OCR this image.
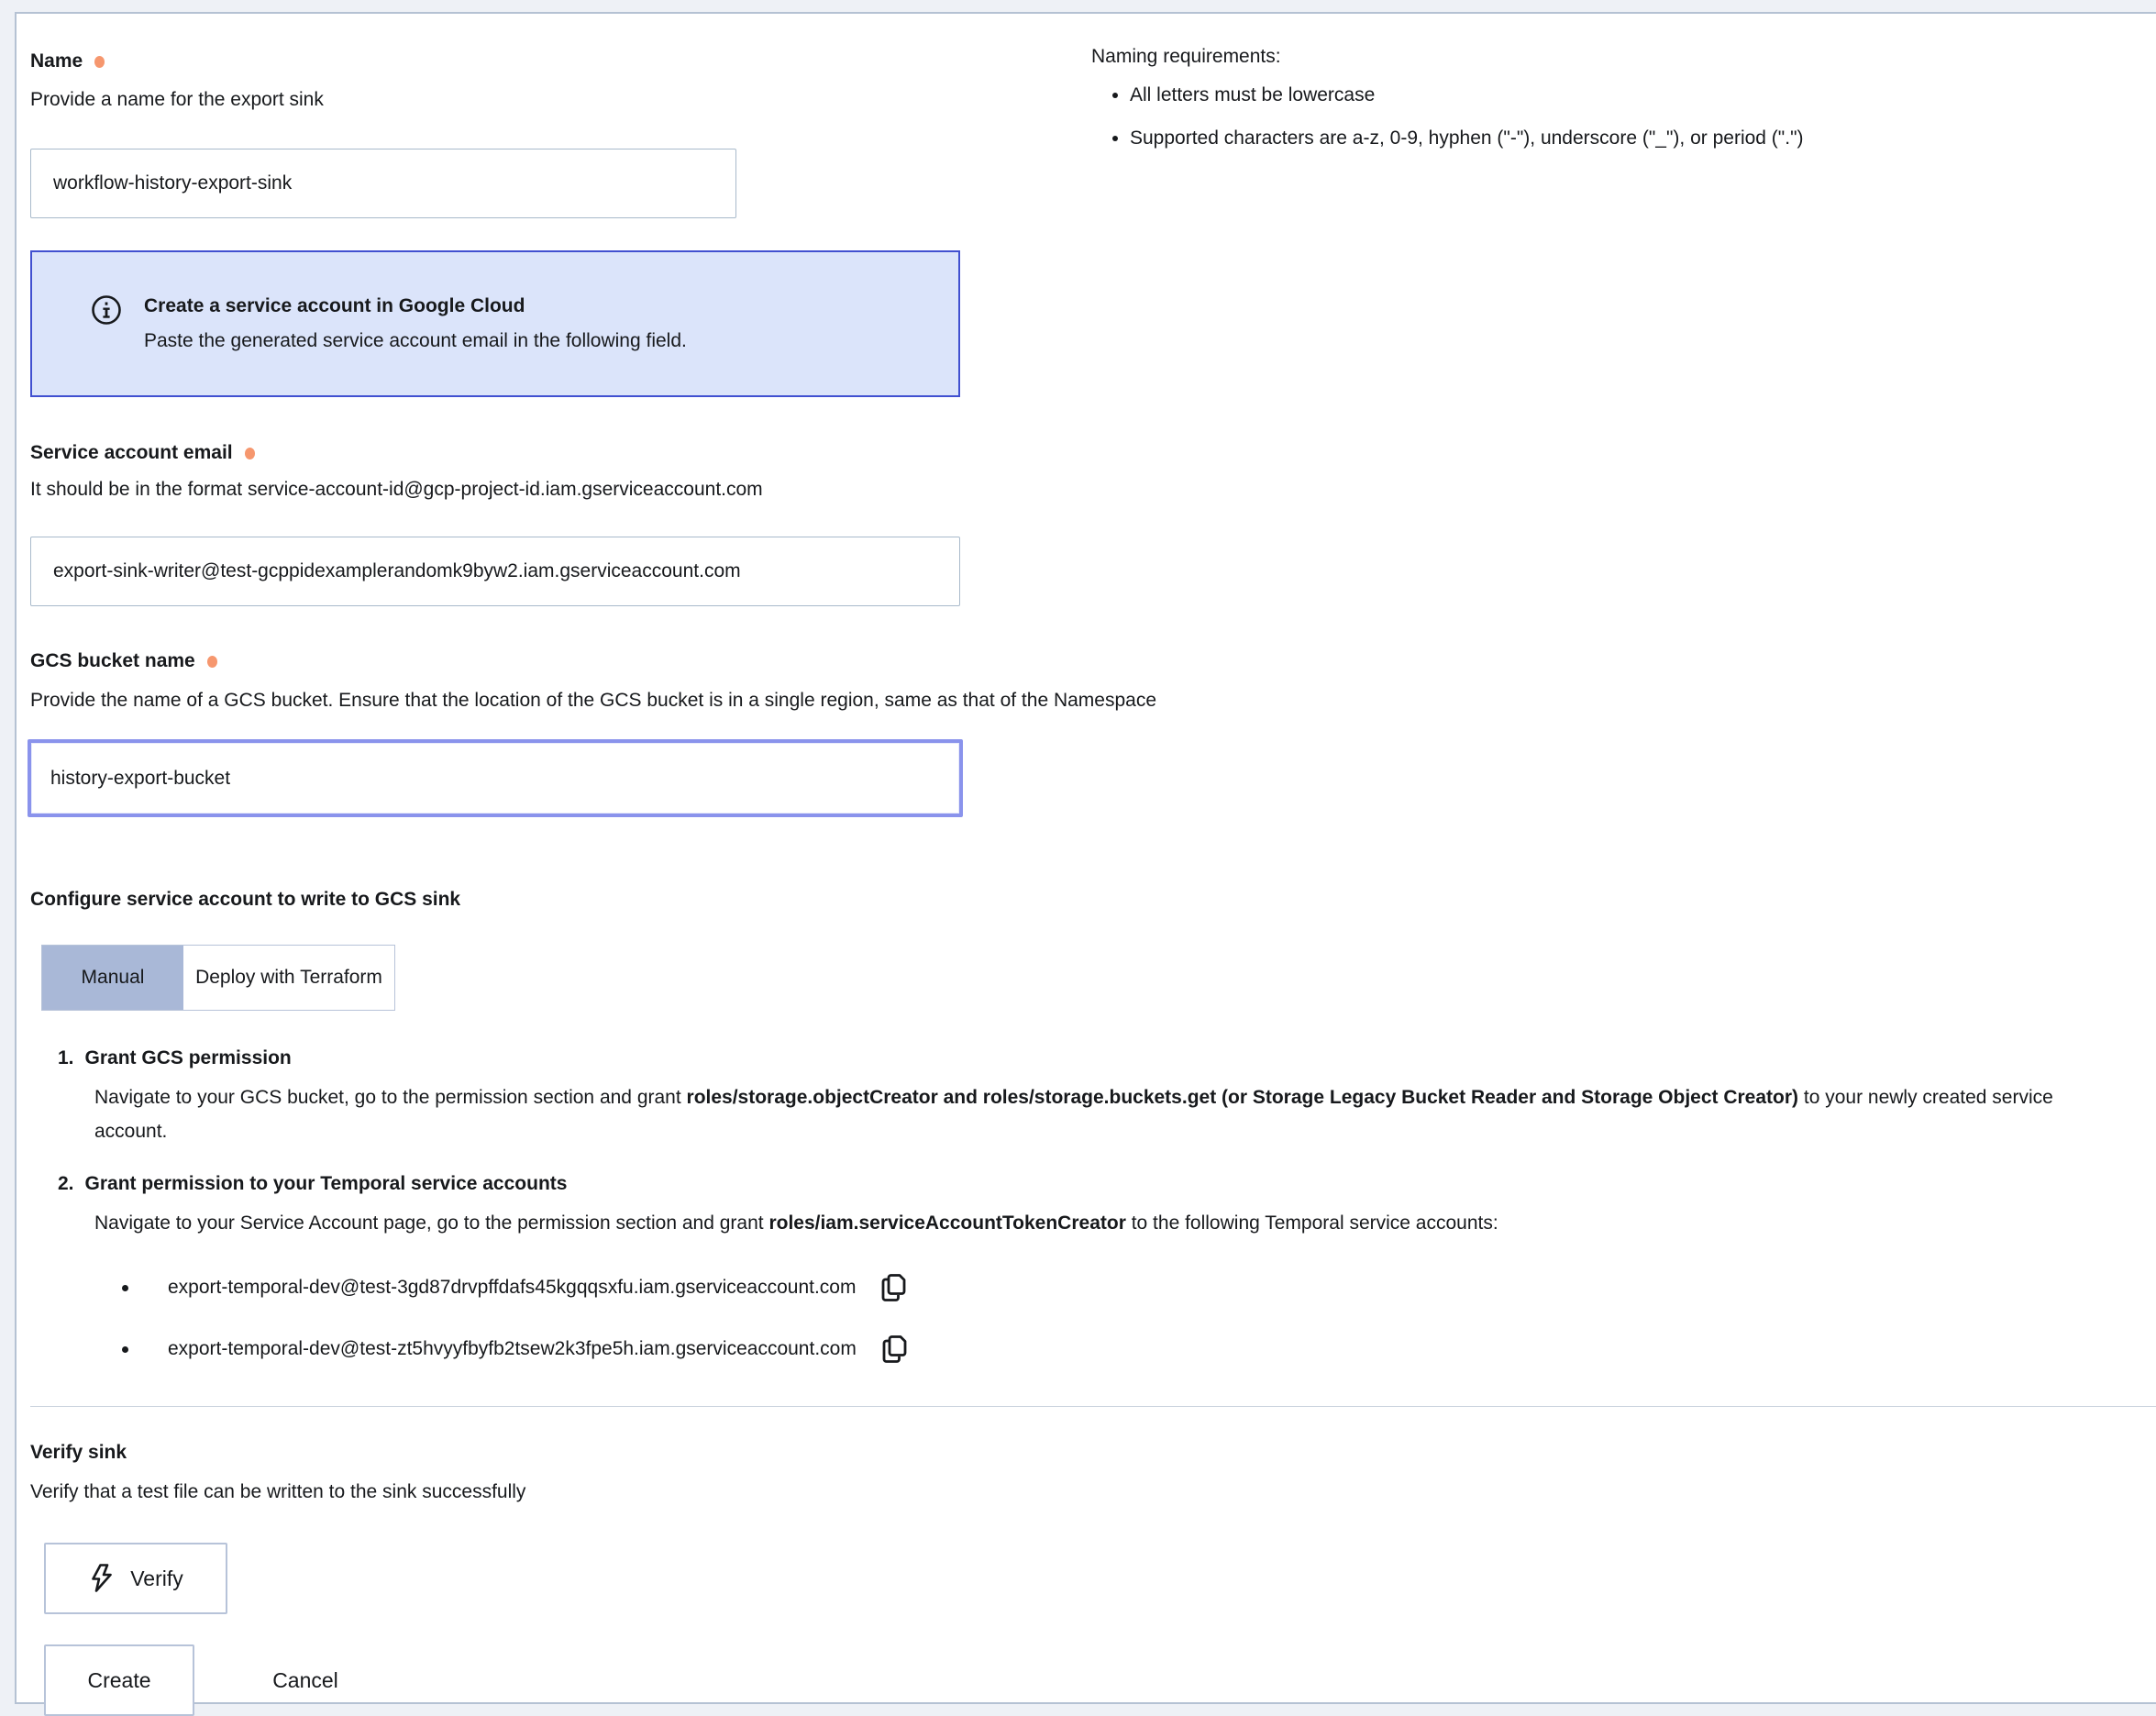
Name
Provide a name for the export sink
workflow-history-export-sink
Naming requirements:
• All letters must be lowercase
• Supported characters are a-z, 0-9, hyphen ("-"), underscore ("_"), or period (".")
Create a service account in Google Cloud
Paste the generated service account email in the following field.
Service account email
It should be in the format service-account-id@gcp-project-id.iam.gserviceaccount.com
export-sink-writer@test-gcppidexamplerandomk9byw2.iam.gserviceaccount.com
GCS bucket name
Provide the name of a GCS bucket. Ensure that the location of the GCS bucket is in a single region, same as that of the Namespace
history-export-bucket
Configure service account to write to GCS sink
Manual	Deploy with Terraform
1. Grant GCS permission
Navigate to your GCS bucket, go to the permission section and grant roles/storage.objectCreator and roles/storage.buckets.get (or Storage Legacy Bucket Reader and Storage Object Creator) to your newly created service account.
2. Grant permission to your Temporal service accounts
Navigate to your Service Account page, go to the permission section and grant roles/iam.serviceAccountTokenCreator to the following Temporal service accounts:
export-temporal-dev@test-3gd87drvpffdafs45kgqqsxfu.iam.gserviceaccount.com
export-temporal-dev@test-zt5hvyyfbyfb2tsew2k3fpe5h.iam.gserviceaccount.com
Verify sink
Verify that a test file can be written to the sink successfully
Verify
Create	Cancel
